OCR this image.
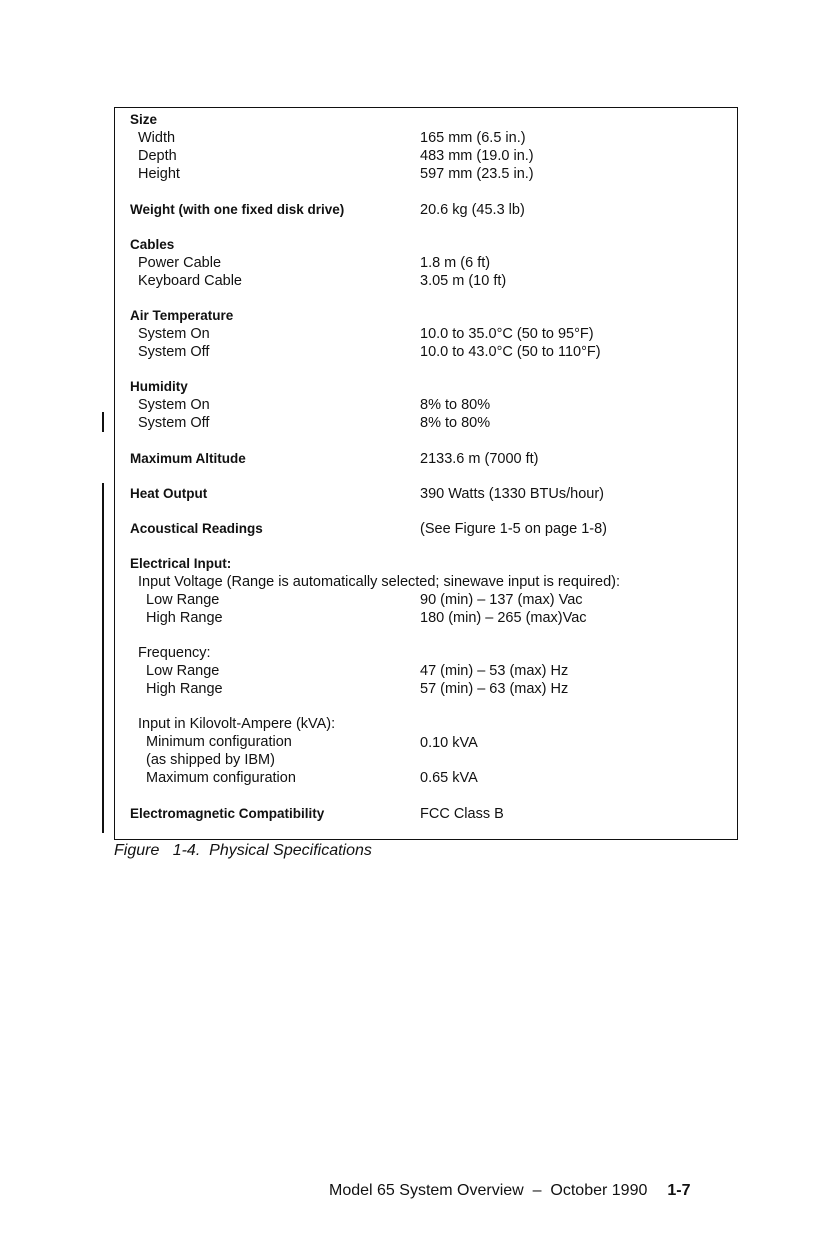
Size
Width	165 mm (6.5 in.)
Depth	483 mm (19.0 in.)
Height	597 mm (23.5 in.)
Weight (with one fixed disk drive)	20.6 kg (45.3 lb)
Cables
Power Cable	1.8 m (6 ft)
Keyboard Cable	3.05 m (10 ft)
Air Temperature
System On	10.0 to 35.0°C (50 to 95°F)
System Off	10.0 to 43.0°C (50 to 110°F)
Humidity
System On	8% to 80%
System Off	8% to 80%
Maximum Altitude	2133.6 m (7000 ft)
Heat Output	390 Watts (1330 BTUs/hour)
Acoustical Readings	(See Figure 1-5 on page 1-8)
Electrical Input:
Input Voltage (Range is automatically selected; sinewave input is required):
Low Range	90 (min) – 137 (max) Vac
High Range	180 (min) – 265 (max)Vac
Frequency:
Low Range	47 (min) – 53 (max) Hz
High Range	57 (min) – 63 (max) Hz
Input in Kilovolt-Ampere (kVA):
Minimum configuration	0.10 kVA
(as shipped by IBM)
Maximum configuration	0.65 kVA
Electromagnetic Compatibility	FCC Class B
Figure   1-4.  Physical Specifications
Model 65 System Overview  –  October 1990 1-7
